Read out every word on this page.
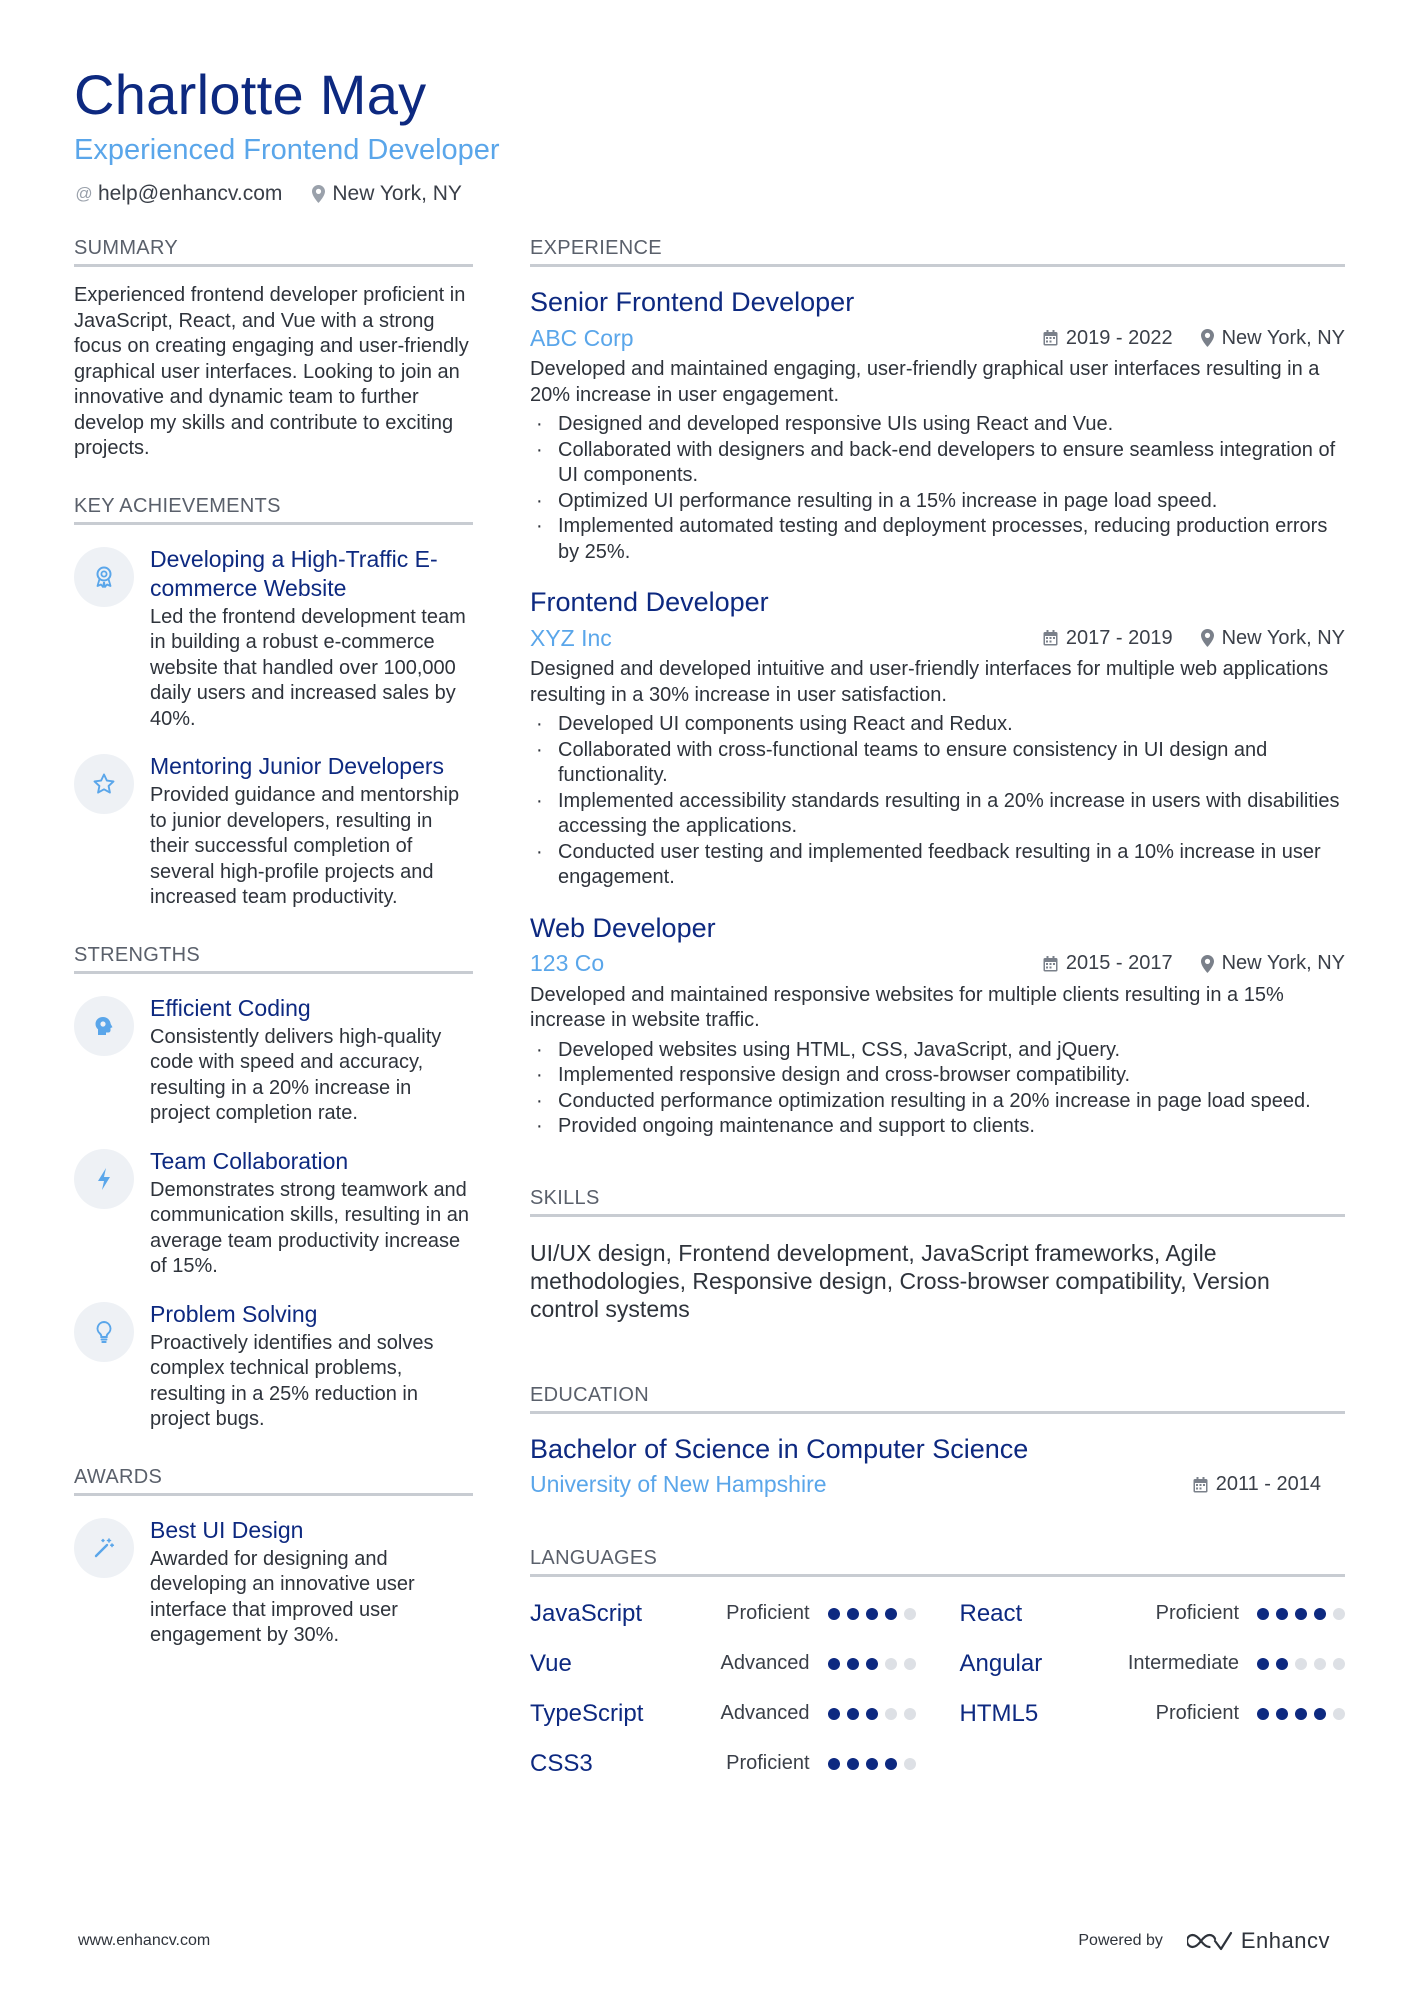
Charlotte May
Experienced Frontend Developer
@ help@enhancv.com New York, NY
SUMMARY
Experienced frontend developer proficient in JavaScript, React, and Vue with a strong focus on creating engaging and user-friendly graphical user interfaces. Looking to join an innovative and dynamic team to further develop my skills and contribute to exciting projects.
KEY ACHIEVEMENTS
Developing a High-Traffic E-commerce Website
Led the frontend development team in building a robust e-commerce website that handled over 100,000 daily users and increased sales by 40%.
Mentoring Junior Developers
Provided guidance and mentorship to junior developers, resulting in their successful completion of several high-profile projects and increased team productivity.
STRENGTHS
Efficient Coding
Consistently delivers high-quality code with speed and accuracy, resulting in a 20% increase in project completion rate.
Team Collaboration
Demonstrates strong teamwork and communication skills, resulting in an average team productivity increase of 15%.
Problem Solving
Proactively identifies and solves complex technical problems, resulting in a 25% reduction in project bugs.
AWARDS
Best UI Design
Awarded for designing and developing an innovative user interface that improved user engagement by 30%.
EXPERIENCE
Senior Frontend Developer
ABC Corp	2019 - 2022 New York, NY
Developed and maintained engaging, user-friendly graphical user interfaces resulting in a 20% increase in user engagement.
· Designed and developed responsive UIs using React and Vue.
· Collaborated with designers and back-end developers to ensure seamless integration of UI components.
· Optimized UI performance resulting in a 15% increase in page load speed.
· Implemented automated testing and deployment processes, reducing production errors by 25%.
Frontend Developer
XYZ Inc	2017 - 2019 New York, NY
Designed and developed intuitive and user-friendly interfaces for multiple web applications resulting in a 30% increase in user satisfaction.
· Developed UI components using React and Redux.
· Collaborated with cross-functional teams to ensure consistency in UI design and functionality.
· Implemented accessibility standards resulting in a 20% increase in users with disabilities accessing the applications.
· Conducted user testing and implemented feedback resulting in a 10% increase in user engagement.
Web Developer
123 Co	2015 - 2017 New York, NY
Developed and maintained responsive websites for multiple clients resulting in a 15% increase in website traffic.
· Developed websites using HTML, CSS, JavaScript, and jQuery.
· Implemented responsive design and cross-browser compatibility.
· Conducted performance optimization resulting in a 20% increase in page load speed.
· Provided ongoing maintenance and support to clients.
SKILLS
UI/UX design, Frontend development, JavaScript frameworks, Agile methodologies, Responsive design, Cross-browser compatibility, Version control systems
EDUCATION
Bachelor of Science in Computer Science
University of New Hampshire	2011 - 2014
LANGUAGES
JavaScript	Proficient	React	Proficient
Vue	Advanced	Angular	Intermediate
TypeScript	Advanced	HTML5	Proficient
CSS3	Proficient
www.enhancv.com	Powered by	Enhancv
